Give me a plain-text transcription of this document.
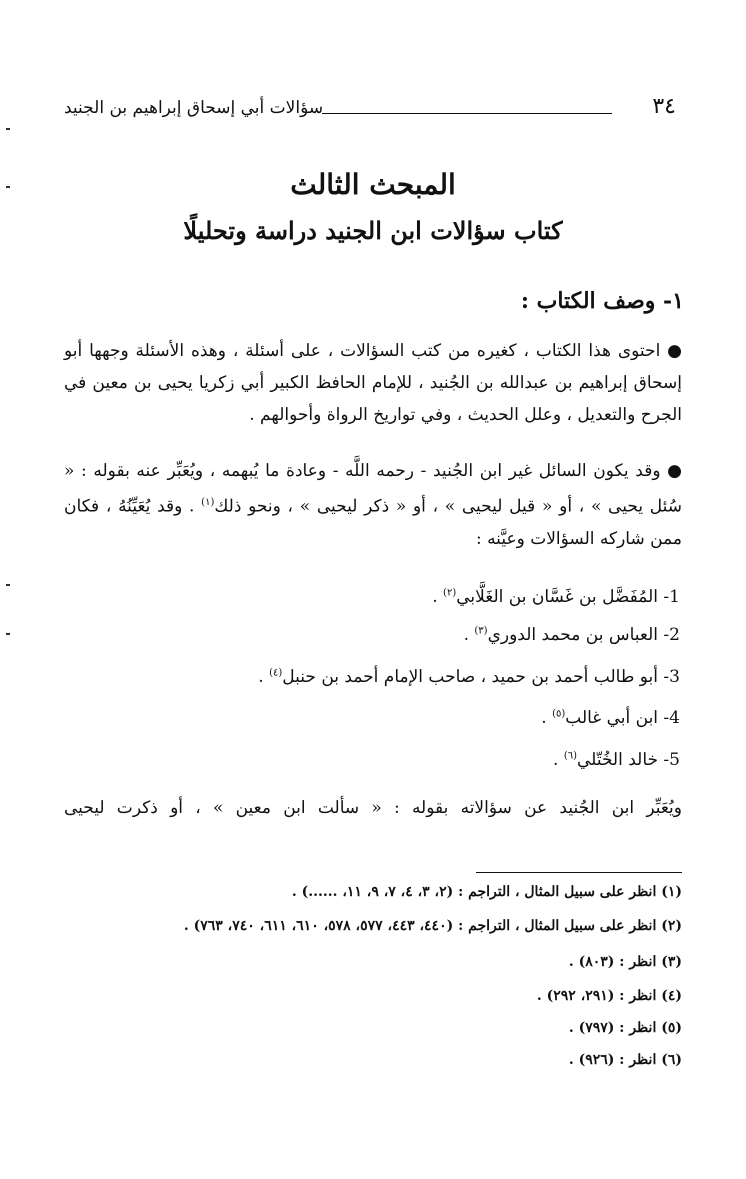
٣٤
سؤالات أبي إسحاق إبراهيم بن الجنيد
المبحث الثالث
كتاب سؤالات ابن الجنيد دراسة وتحليلًا
١- وصف الكتاب :

● احتوى هذا الكتاب ، كغيره من كتب السؤالات ، على أسئلة ، وهذه الأسئلة وجهها أبو إسحاق إبراهيم بن عبدالله بن الجُنيد ، للإمام الحافظ الكبير أبي زكريا يحيى بن معين في الجرح والتعديل ، وعلل الحديث ، وفي تواريخ الرواة وأحوالهم .

● وقد يكون السائل غير ابن الجُنيد - رحمه اللَّه - وعادة ما يُبهمه ، ويُعَبِّر عنه بقوله : « سُئل يحيى » ، أو « قيل ليحيى » ، أو « ذكر ليحيى » ، ونحو ذلك$^{(١)}$ . وقد يُعَيِّنُهُ ، فكان ممن شاركه السؤالات وعيَّنه :

1- المُفَضَّل بن غَسَّان بن الغَلَّابي$^{(٢)}$ .
2- العباس بن محمد الدوري$^{(٣)}$ .
3- أبو طالب أحمد بن حميد ، صاحب الإمام أحمد بن حنبل$^{(٤)}$ .
4- ابن أبي غالب$^{(٥)}$ .
5- خالد الخُتّلي$^{(٦)}$ .

ويُعَبِّر ابن الجُنيد عن سؤالاته بقوله : « سألت ابن معين » ، أو ذكرت ليحيى

(١) انظر على سبيل المثال ، التراجم : (٢، ٣، ٤، ٧، ٩، ١١، ......) .
(٢) انظر على سبيل المثال ، التراجم : (٤٤٠، ٤٤٣، ٥٧٧، ٥٧٨، ٦١٠، ٦١١، ٧٤٠، ٧٦٣) .
(٣) انظر : (٨٠٣) .
(٤) انظر : (٢٩١، ٢٩٢) .
(٥) انظر : (٧٩٧) .
(٦) انظر : (٩٢٦) .
